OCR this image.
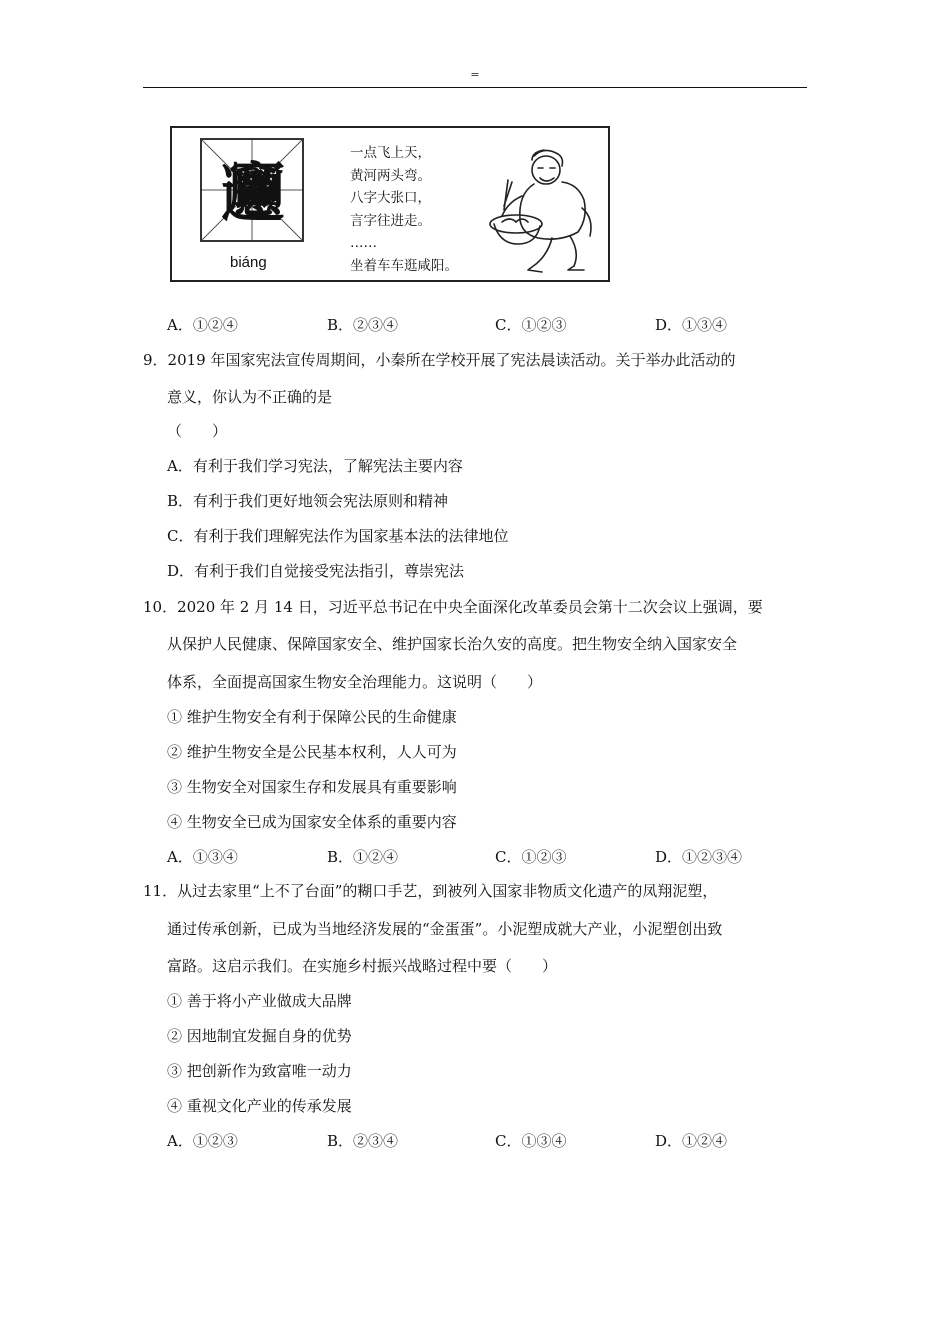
=
𰻞
biáng
一点飞上天，
黄河两头弯。
八字大张口，
言字往进走。
……
坐着车车逛咸阳。
A．①②④	B．②③④	C．①②③	D．①③④
9．2019 年国家宪法宣传周期间，小秦所在学校开展了宪法晨读活动。关于举办此活动的
意义，你认为不正确的是
（　　）
A．有利于我们学习宪法，了解宪法主要内容
B．有利于我们更好地领会宪法原则和精神
C．有利于我们理解宪法作为国家基本法的法律地位
D．有利于我们自觉接受宪法指引，尊崇宪法
10．2020 年 2 月 14 日，习近平总书记在中央全面深化改革委员会第十二次会议上强调，要
从保护人民健康、保障国家安全、维护国家长治久安的高度。把生物安全纳入国家安全
体系，全面提高国家生物安全治理能力。这说明（　　）
① 维护生物安全有利于保障公民的生命健康
② 维护生物安全是公民基本权利，人人可为
③ 生物安全对国家生存和发展具有重要影响
④ 生物安全已成为国家安全体系的重要内容
A．①③④	B．①②④	C．①②③	D．①②③④
11．从过去家里“上不了台面”的糊口手艺，到被列入国家非物质文化遗产的凤翔泥塑，
通过传承创新，已成为当地经济发展的“金蛋蛋”。小泥塑成就大产业，小泥塑创出致
富路。这启示我们。在实施乡村振兴战略过程中要（　　）
① 善于将小产业做成大品牌
② 因地制宜发掘自身的优势
③ 把创新作为致富唯一动力
④ 重视文化产业的传承发展
A．①②③	B．②③④	C．①③④	D．①②④
